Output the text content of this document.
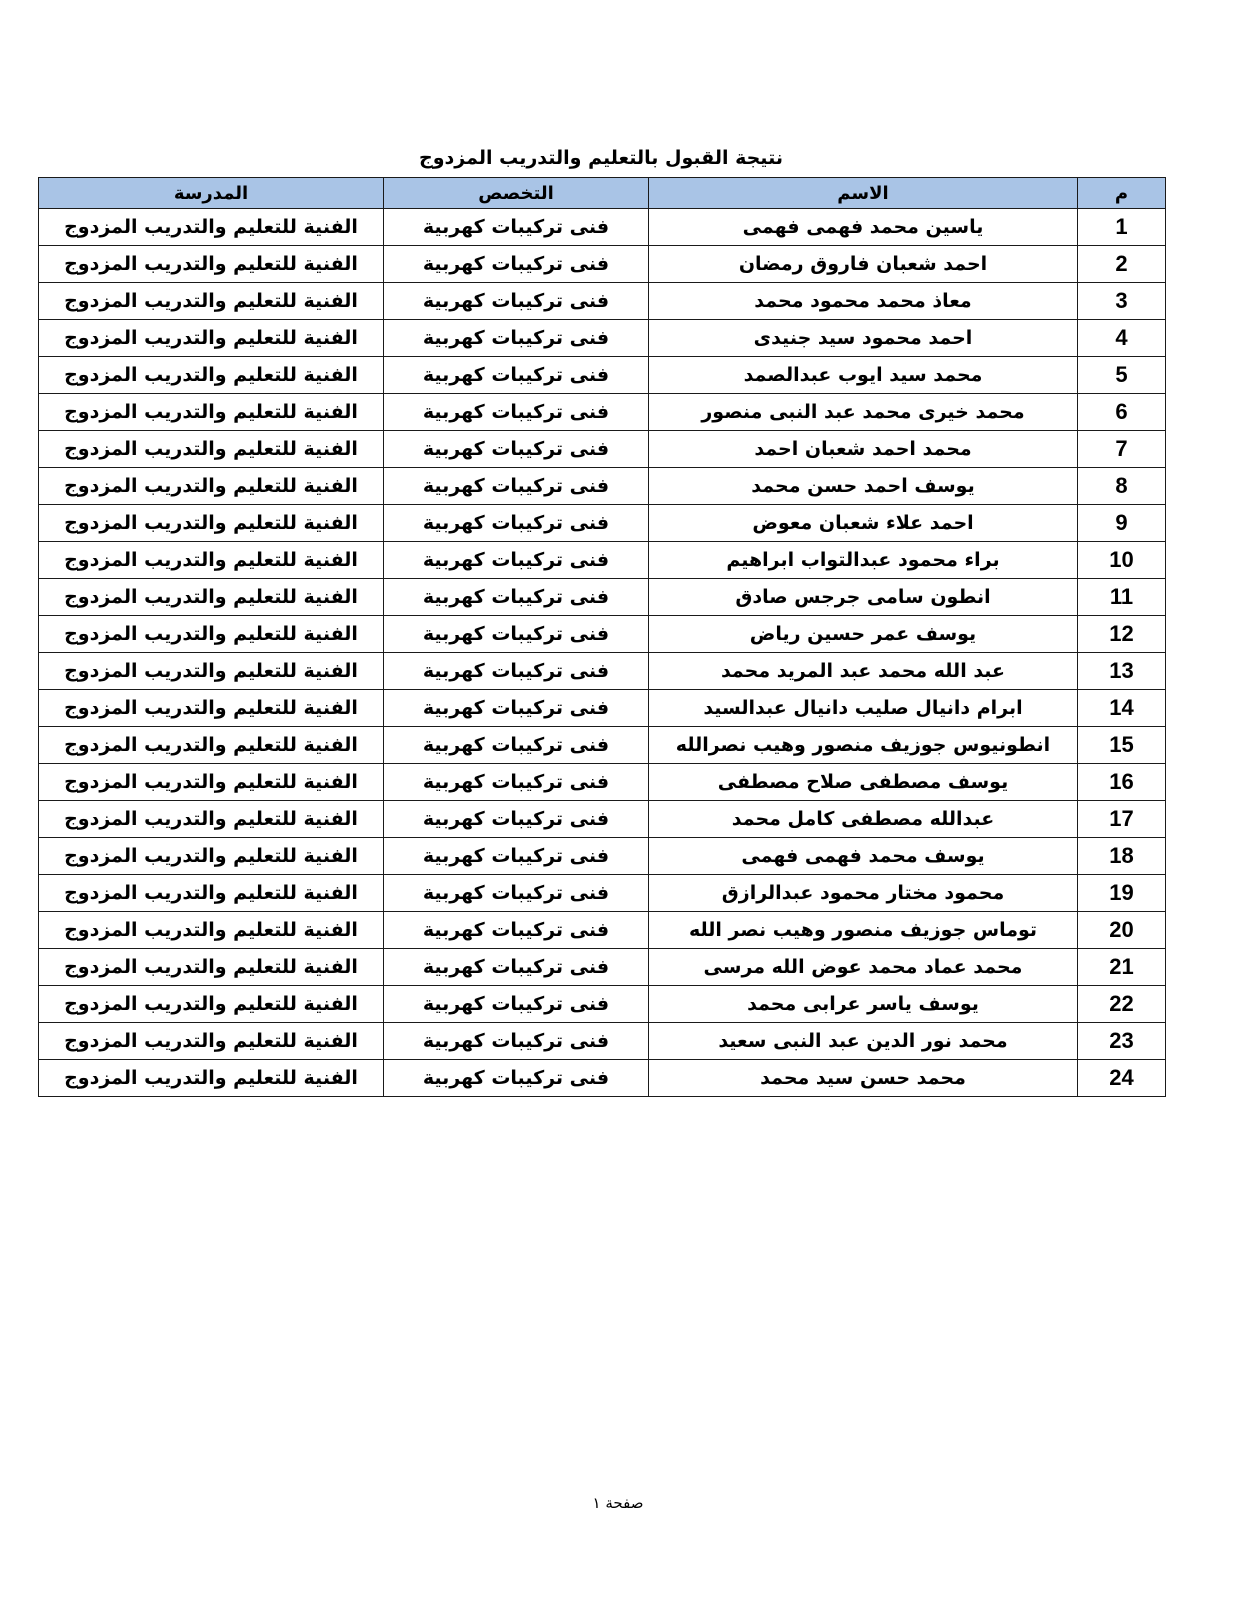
نتيجة القبول بالتعليم والتدريب المزدوج
م	الاسم	التخصص	المدرسة
1	ياسين محمد فهمى فهمى	فنى تركيبات كهربية	الفنية للتعليم والتدريب المزدوج
2	احمد شعبان فاروق رمضان	فنى تركيبات كهربية	الفنية للتعليم والتدريب المزدوج
3	معاذ محمد محمود محمد	فنى تركيبات كهربية	الفنية للتعليم والتدريب المزدوج
4	احمد محمود سيد جنيدى	فنى تركيبات كهربية	الفنية للتعليم والتدريب المزدوج
5	محمد سيد ايوب عبدالصمد	فنى تركيبات كهربية	الفنية للتعليم والتدريب المزدوج
6	محمد خيرى محمد عبد النبى منصور	فنى تركيبات كهربية	الفنية للتعليم والتدريب المزدوج
7	محمد احمد شعبان احمد	فنى تركيبات كهربية	الفنية للتعليم والتدريب المزدوج
8	يوسف احمد حسن محمد	فنى تركيبات كهربية	الفنية للتعليم والتدريب المزدوج
9	احمد علاء شعبان معوض	فنى تركيبات كهربية	الفنية للتعليم والتدريب المزدوج
10	براء محمود عبدالتواب ابراهيم	فنى تركيبات كهربية	الفنية للتعليم والتدريب المزدوج
11	انطون سامى جرجس صادق	فنى تركيبات كهربية	الفنية للتعليم والتدريب المزدوج
12	يوسف عمر حسين رياض	فنى تركيبات كهربية	الفنية للتعليم والتدريب المزدوج
13	عبد الله محمد عبد المريد محمد	فنى تركيبات كهربية	الفنية للتعليم والتدريب المزدوج
14	ابرام دانيال صليب دانيال عبدالسيد	فنى تركيبات كهربية	الفنية للتعليم والتدريب المزدوج
15	انطونيوس جوزيف منصور وهيب نصرالله	فنى تركيبات كهربية	الفنية للتعليم والتدريب المزدوج
16	يوسف مصطفى صلاح مصطفى	فنى تركيبات كهربية	الفنية للتعليم والتدريب المزدوج
17	عبدالله مصطفى كامل محمد	فنى تركيبات كهربية	الفنية للتعليم والتدريب المزدوج
18	يوسف محمد فهمى فهمى	فنى تركيبات كهربية	الفنية للتعليم والتدريب المزدوج
19	محمود مختار محمود عبدالرازق	فنى تركيبات كهربية	الفنية للتعليم والتدريب المزدوج
20	توماس جوزيف منصور وهيب نصر الله	فنى تركيبات كهربية	الفنية للتعليم والتدريب المزدوج
21	محمد عماد محمد عوض الله مرسى	فنى تركيبات كهربية	الفنية للتعليم والتدريب المزدوج
22	يوسف ياسر عرابى محمد	فنى تركيبات كهربية	الفنية للتعليم والتدريب المزدوج
23	محمد نور الدين عبد النبى سعيد	فنى تركيبات كهربية	الفنية للتعليم والتدريب المزدوج
24	محمد حسن سيد محمد	فنى تركيبات كهربية	الفنية للتعليم والتدريب المزدوج
صفحة ١
